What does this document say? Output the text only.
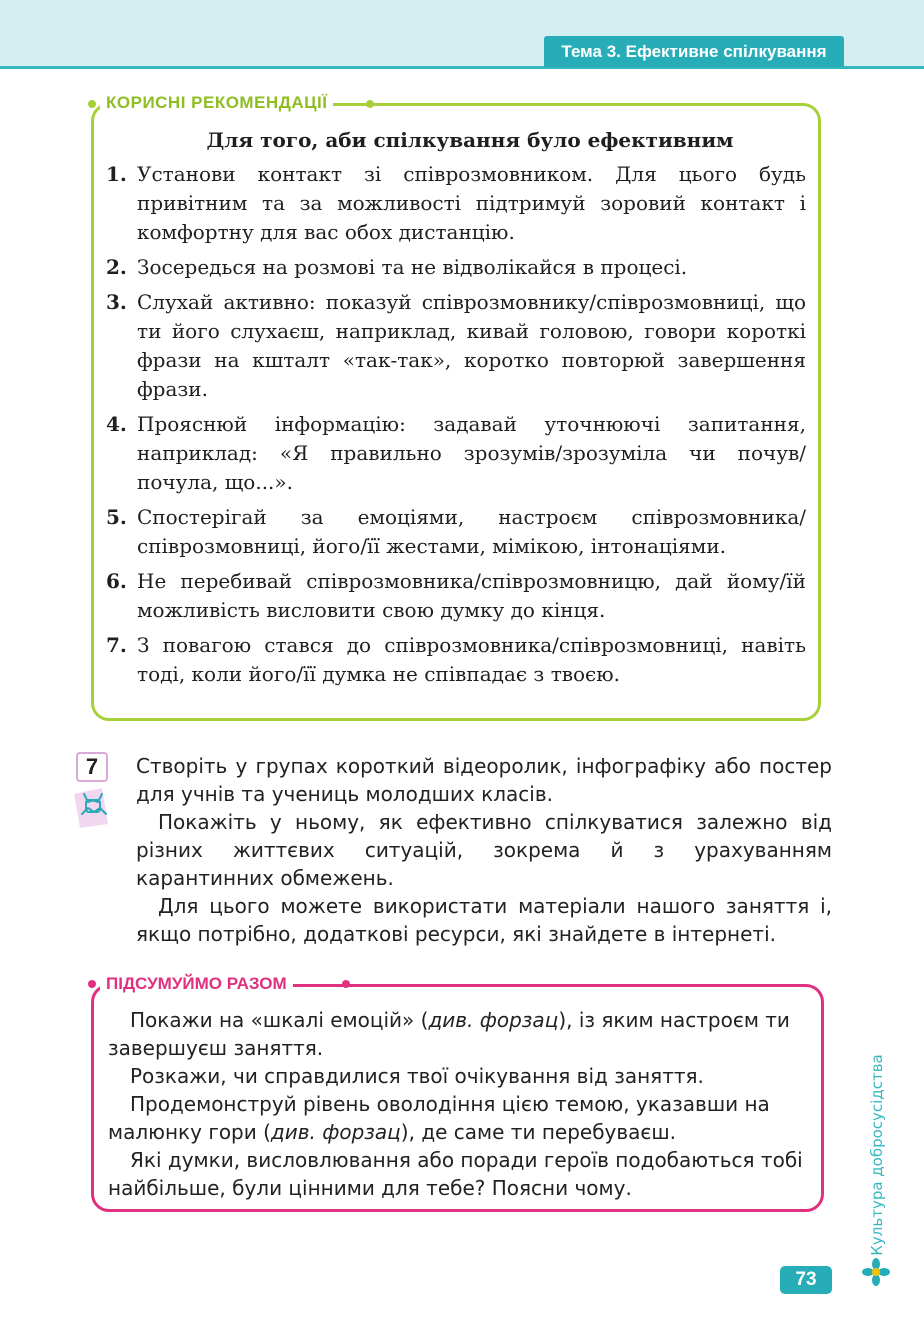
Тема 3. Ефективне спілкування
КОРИСНІ РЕКОМЕНДАЦІЇ
Для того, аби спілкування було ефективним
1. Установи контакт зі співрозмовником. Для цього будь привітним та за можливості підтримуй зоровий контакт і комфортну для вас обох дистанцію.
2. Зосередься на розмові та не відволікайся в процесі.
3. Слухай активно: показуй співрозмовнику/співрозмовниці, що ти його слухаєш, наприклад, кивай головою, говори короткі фрази на кшталт «так-так», коротко повторюй завершення фрази.
4. Прояснюй інформацію: задавай уточнюючі запитання, наприклад: «Я правильно зрозумів/зрозуміла чи почув/почула, що...».
5. Спостерігай за емоціями, настроєм співрозмовника/співрозмовниці, його/її жестами, мімікою, інтонаціями.
6. Не перебивай співрозмовника/співрозмовницю, дай йому/їй можливість висловити свою думку до кінця.
7. З повагою стався до співрозмовника/співрозмовниці, навіть тоді, коли його/її думка не співпадає з твоєю.
7	Створіть у групах короткий відеоролик, інфографіку або постер для учнів та учениць молодших класів.

Покажіть у ньому, як ефективно спілкуватися залежно від різних життєвих ситуацій, зокрема й з урахуванням карантинних обмежень.

Для цього можете використати матеріали нашого заняття і, якщо потрібно, додаткові ресурси, які знайдете в інтернеті.

ПІДСУМУЙМО РАЗОМ

Покажи на «шкалі емоцій» (див. форзац), із яким настроєм ти завершуєш заняття.

Розкажи, чи справдилися твої очікування від заняття.

Продемонструй рівень оволодіння цією темою, указавши на малюнку гори (див. форзац), де саме ти перебуваєш.

Які думки, висловлювання або поради героїв подобаються тобі найбільше, були цінними для тебе? Поясни чому.	Культура добросусідства
73
